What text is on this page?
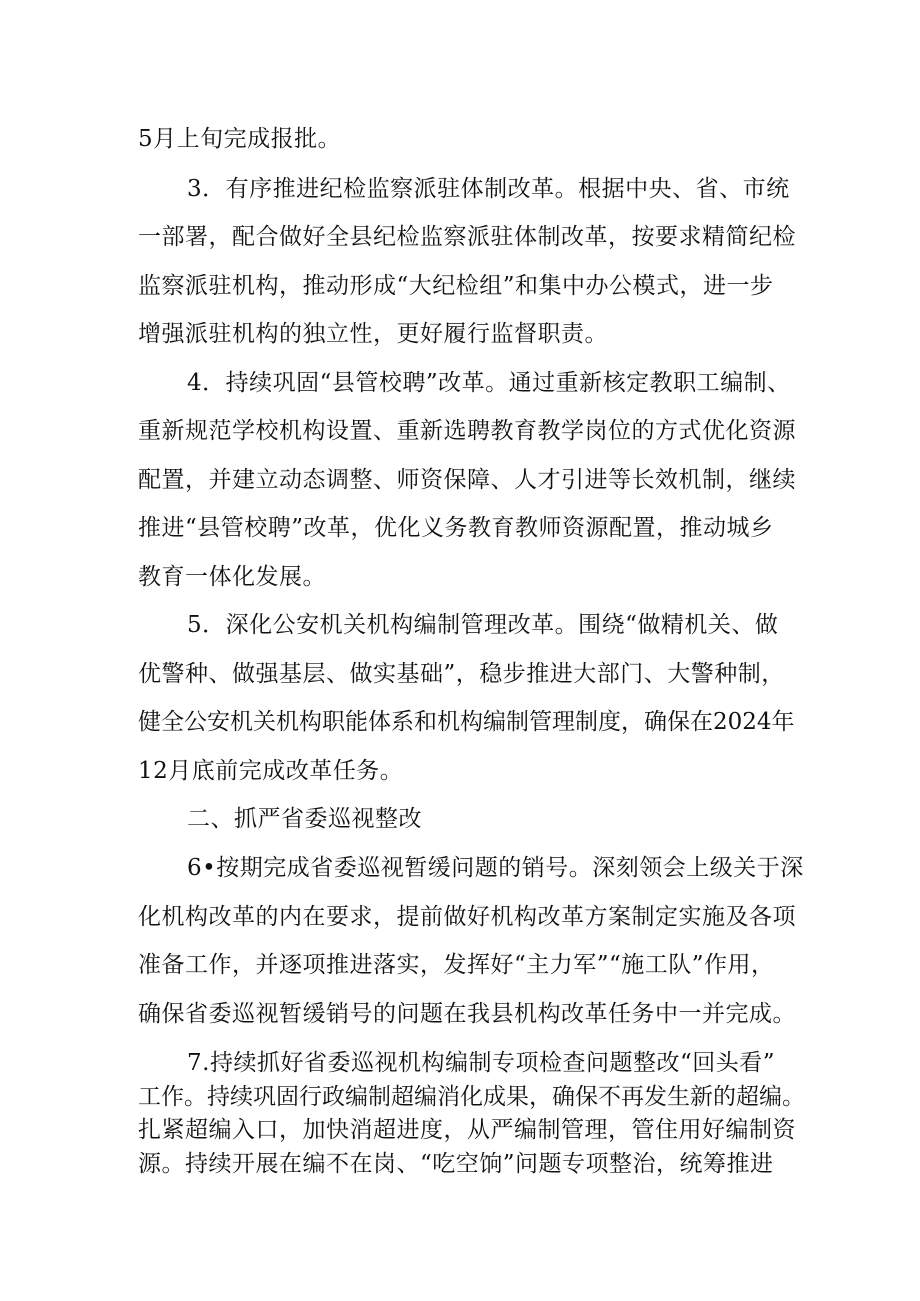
5月上旬完成报批。
3．有序推进纪检监察派驻体制改革。根据中央、省、市统
一部署，配合做好全县纪检监察派驻体制改革，按要求精简纪检
监察派驻机构，推动形成“大纪检组”和集中办公模式，进一步
增强派驻机构的独立性，更好履行监督职责。
4．持续巩固“县管校聘”改革。通过重新核定教职工编制、
重新规范学校机构设置、重新选聘教育教学岗位的方式优化资源
配置，并建立动态调整、师资保障、人才引进等长效机制，继续
推进“县管校聘”改革，优化义务教育教师资源配置，推动城乡
教育一体化发展。
5．深化公安机关机构编制管理改革。围绕“做精机关、做
优警种、做强基层、做实基础”，稳步推进大部门、大警种制，
健全公安机关机构职能体系和机构编制管理制度，确保在2024年
12月底前完成改革任务。
二、抓严省委巡视整改
6•按期完成省委巡视暂缓问题的销号。深刻领会上级关于深
化机构改革的内在要求，提前做好机构改革方案制定实施及各项
准备工作，并逐项推进落实，发挥好“主力军”“施工队”作用，
确保省委巡视暂缓销号的问题在我县机构改革任务中一并完成。
7.持续抓好省委巡视机构编制专项检查问题整改“回头看”
工作。持续巩固行政编制超编消化成果，确保不再发生新的超编。
扎紧超编入口，加快消超进度，从严编制管理，管住用好编制资
源。持续开展在编不在岗、“吃空饷”问题专项整治，统筹推进
